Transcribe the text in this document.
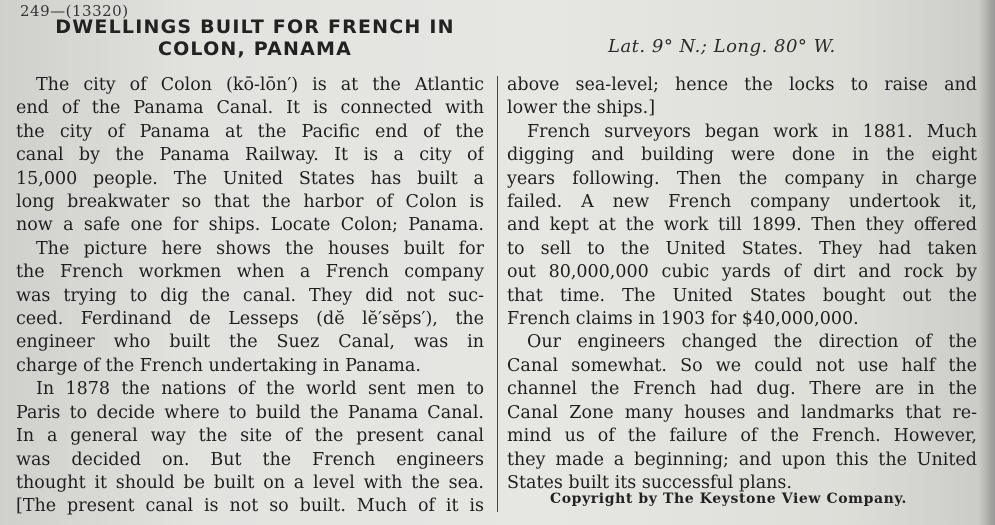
249—(13320)
DWELLINGS BUILT FOR FRENCH IN
COLON, PANAMA	Lat. 9° N.; Long. 80° W.
The city of Colon (kō-lōn′) is at the Atlantic
end of the Panama Canal. It is connected with
the city of Panama at the Pacific end of the
canal by the Panama Railway. It is a city of
15,000 people. The United States has built a
long breakwater so that the harbor of Colon is
now a safe one for ships. Locate Colon; Panama.
The picture here shows the houses built for
the French workmen when a French company
was trying to dig the canal. They did not suc-
ceed. Ferdinand de Lesseps (dĕ lĕ′sĕps′), the
engineer who built the Suez Canal, was in
charge of the French undertaking in Panama.
In 1878 the nations of the world sent men to
Paris to decide where to build the Panama Canal.
In a general way the site of the present canal
was decided on. But the French engineers
thought it should be built on a level with the sea.
[The present canal is not so built. Much of it is
above sea-level; hence the locks to raise and
lower the ships.]
French surveyors began work in 1881. Much
digging and building were done in the eight
years following. Then the company in charge
failed. A new French company undertook it,
and kept at the work till 1899. Then they offered
to sell to the United States. They had taken
out 80,000,000 cubic yards of dirt and rock by
that time. The United States bought out the
French claims in 1903 for $40,000,000.
Our engineers changed the direction of the
Canal somewhat. So we could not use half the
channel the French had dug. There are in the
Canal Zone many houses and landmarks that re-
mind us of the failure of the French. However,
they made a beginning; and upon this the United
States built its successful plans.
Copyright by The Keystone View Company.
